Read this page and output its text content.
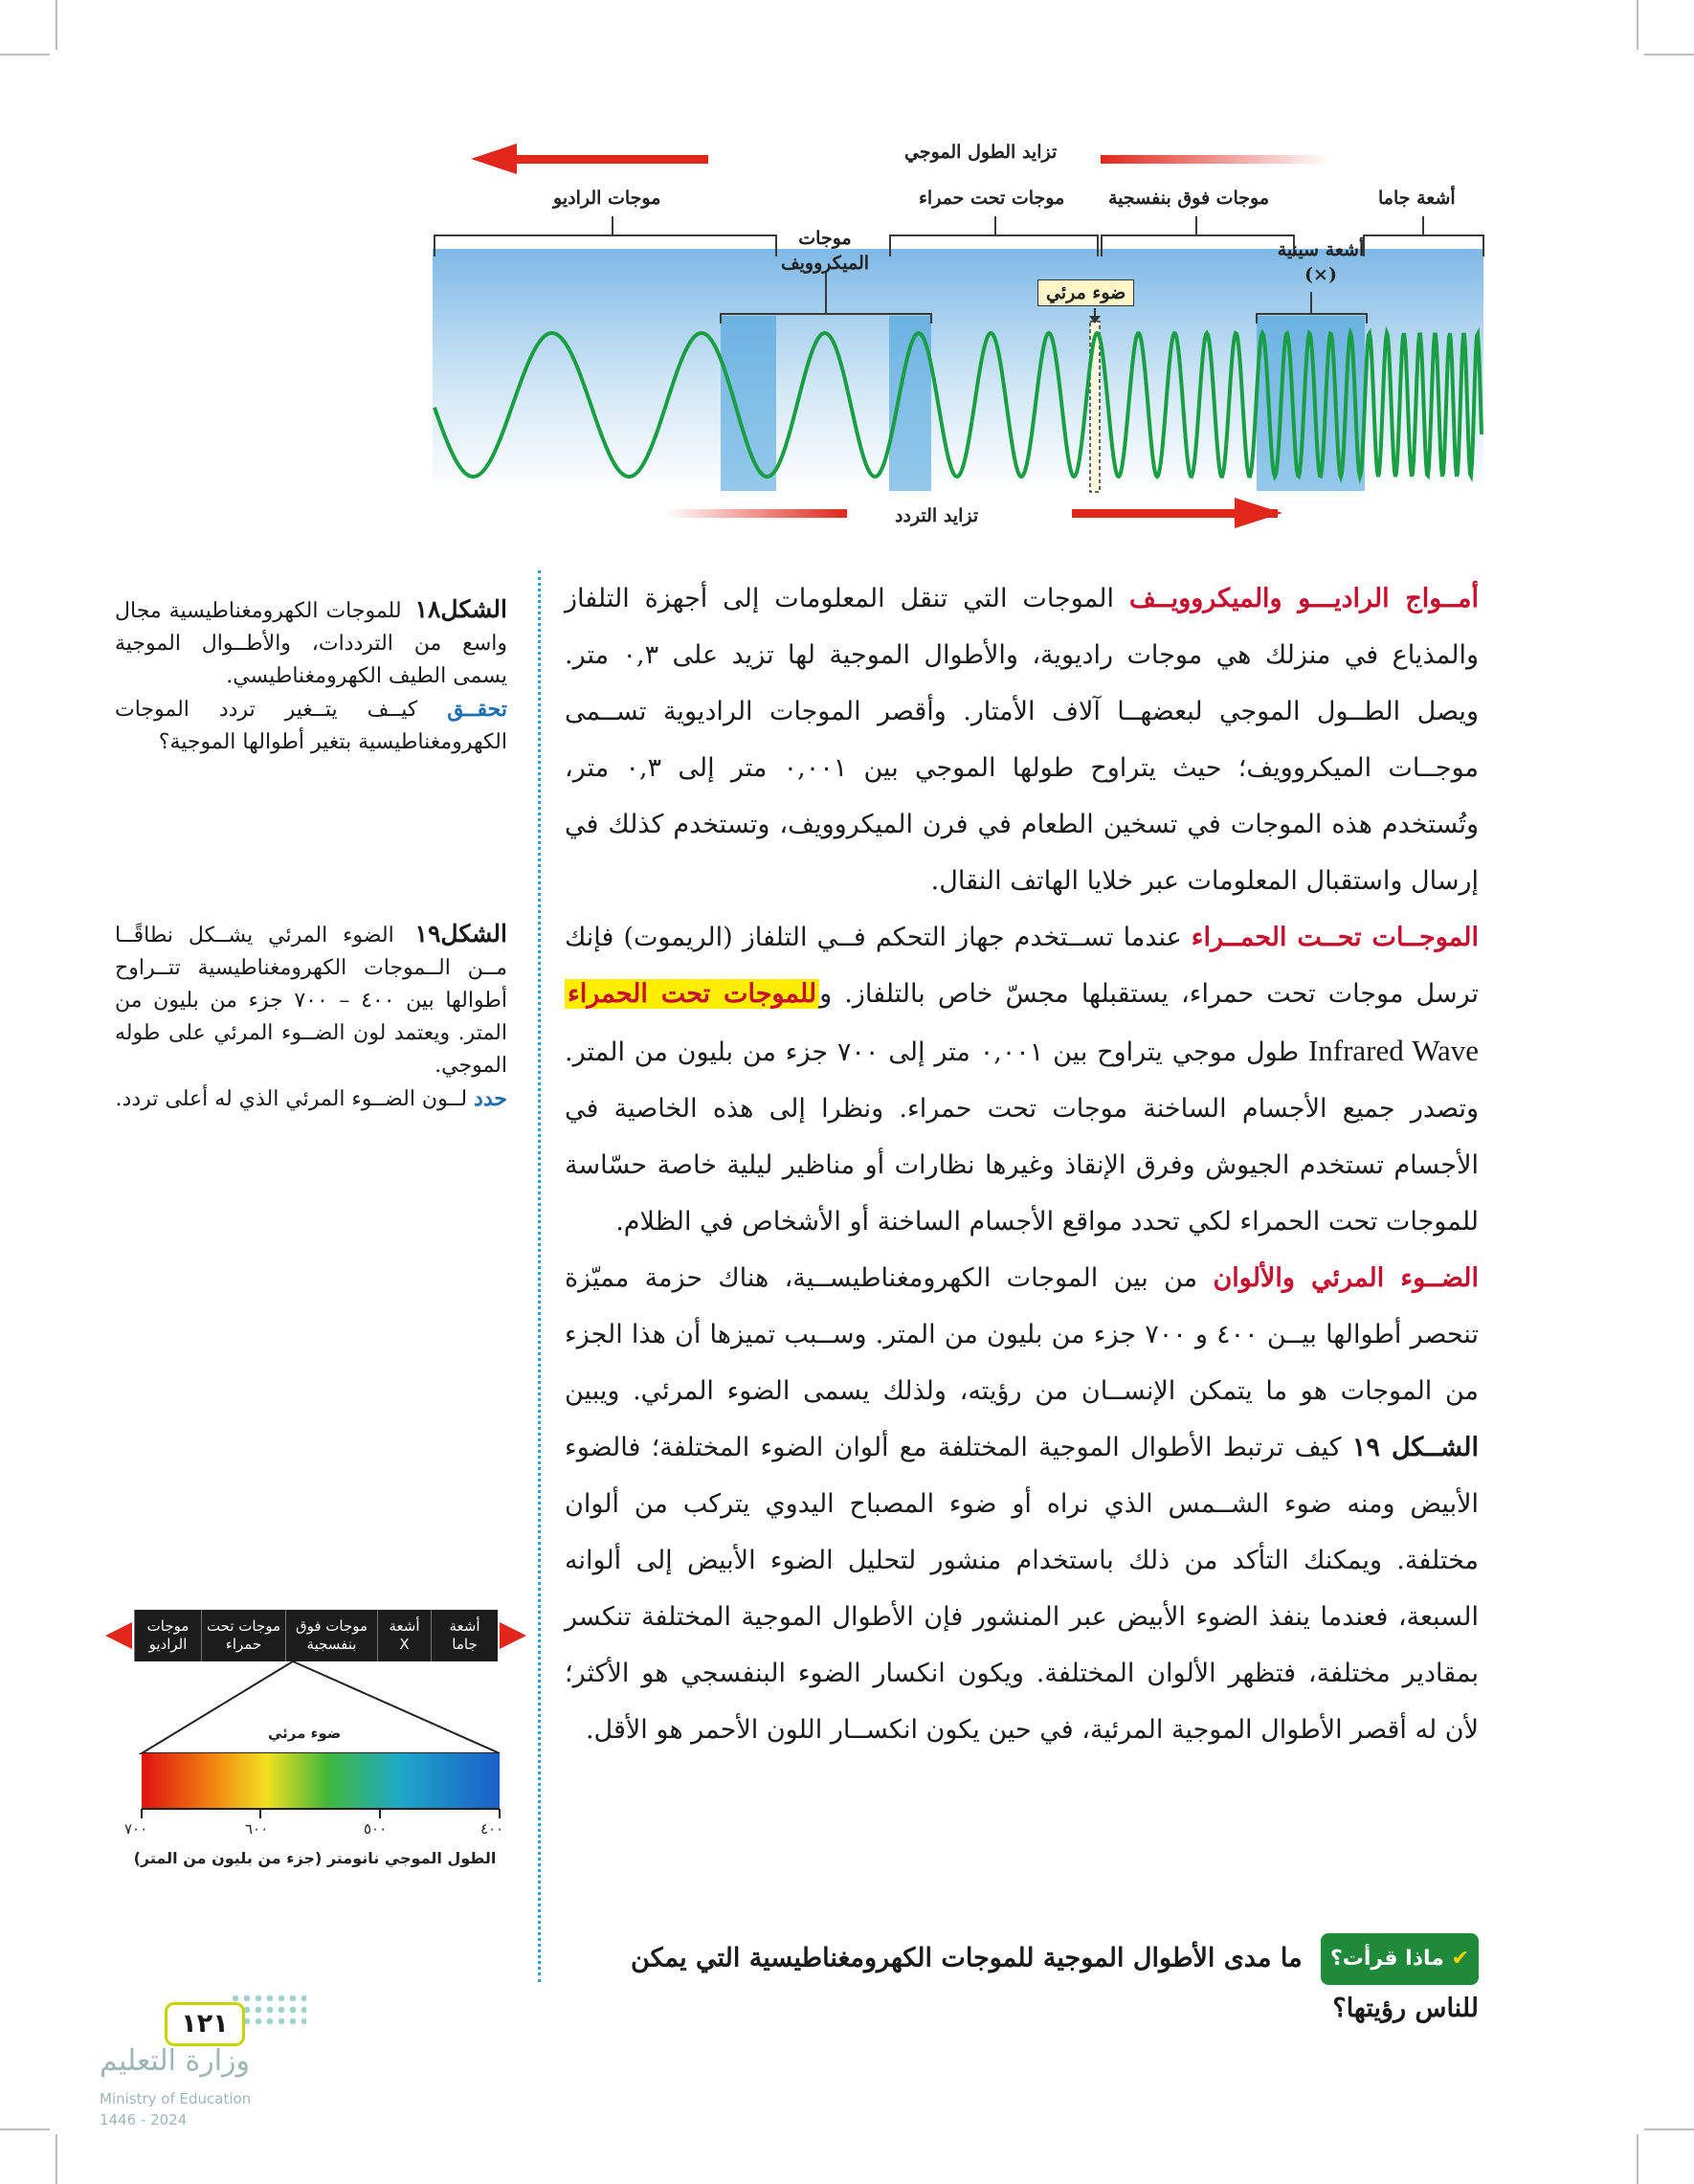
تزايد الطول الموجي
موجات الراديو
موجات الميكروويف
موجات تحت حمراء
ضوء مرئي
موجات فوق بنفسجية
أشعة سينية (×)
أشعة جاما
تزايد التردد

أمــواج الراديـــو والميكروويــف الموجات التي تنقل المعلومات إلى أجهزة التلفاز والمذياع في منزلك هي موجات راديوية، والأطوال الموجية لها تزيد على ٠,٣ متر. ويصل الطــول الموجي لبعضهــا آلاف الأمتار. وأقصر الموجات الراديوية تســمى موجــات الميكروويف؛ حيث يتراوح طولها الموجي بين ٠,٠٠١ متر إلى ٠,٣ متر، وتُستخدم هذه الموجات في تسخين الطعام في فرن الميكروويف، وتستخدم كذلك في إرسال واستقبال المعلومات عبر خلايا الهاتف النقال.

الموجــات تحــت الحمــراء عندما تســتخدم جهاز التحكم فــي التلفاز (الريموت) فإنك ترسل موجات تحت حمراء، يستقبلها مجسّ خاص بالتلفاز. وللموجات تحت الحمراء Infrared Wave طول موجي يتراوح بين ٠,٠٠١ متر إلى ٧٠٠ جزء من بليون من المتر. وتصدر جميع الأجسام الساخنة موجات تحت حمراء. ونظرا إلى هذه الخاصية في الأجسام تستخدم الجيوش وفرق الإنقاذ وغيرها نظارات أو مناظير ليلية خاصة حسّاسة للموجات تحت الحمراء لكي تحدد مواقع الأجسام الساخنة أو الأشخاص في الظلام.

الضــوء المرئي والألوان من بين الموجات الكهرومغناطيســية، هناك حزمة مميّزة تنحصر أطوالها بيــن ٤٠٠ و ٧٠٠ جزء من بليون من المتر. وســبب تميزها أن هذا الجزء من الموجات هو ما يتمكن الإنســان من رؤيته، ولذلك يسمى الضوء المرئي. ويبين الشــكل ١٩ كيف ترتبط الأطوال الموجية المختلفة مع ألوان الضوء المختلفة؛ فالضوء الأبيض ومنه ضوء الشــمس الذي نراه أو ضوء المصباح اليدوي يتركب من ألوان مختلفة. ويمكنك التأكد من ذلك باستخدام منشور لتحليل الضوء الأبيض إلى ألوانه السبعة، فعندما ينفذ الضوء الأبيض عبر المنشور فإن الأطوال الموجية المختلفة تنكسر بمقادير مختلفة، فتظهر الألوان المختلفة. ويكون انكسار الضوء البنفسجي هو الأكثر؛ لأن له أقصر الأطوال الموجية المرئية، في حين يكون انكســار اللون الأحمر هو الأقل.

✔ ماذا قرأت؟ ما مدى الأطوال الموجية للموجات الكهرومغناطيسية التي يمكن للناس رؤيتها؟

الشكل١٨ للموجات الكهرومغناطيسية مجال واسع من الترددات، والأطــوال الموجية يسمى الطيف الكهرومغناطيسي.

تحقــق كيــف يتــغير تردد الموجات الكهرومغناطيسية بتغير أطوالها الموجية؟

الشكل١٩ الضوء المرئي يشــكل نطاقًــا مــن الــموجات الكهرومغناطيسية تتــراوح أطوالها بين ٤٠٠ – ٧٠٠ جزء من بليون من المتر. ويعتمد لون الضــوء المرئي على طوله الموجي.

حدد لــون الضــوء المرئي الذي له أعلى تردد.

أشعة
جاما
أشعة
X
موجات فوق
بنفسجية
موجات تحت
حمراء
موجات
الراديو
ضوء مرئي
٤٠٠
٥٠٠
٦٠٠
٧٠٠
الطول الموجي نانومتر (جزء من بليون من المتر)
١٢١
وزارة التعليم
Ministry of Education
2024 - 1446
